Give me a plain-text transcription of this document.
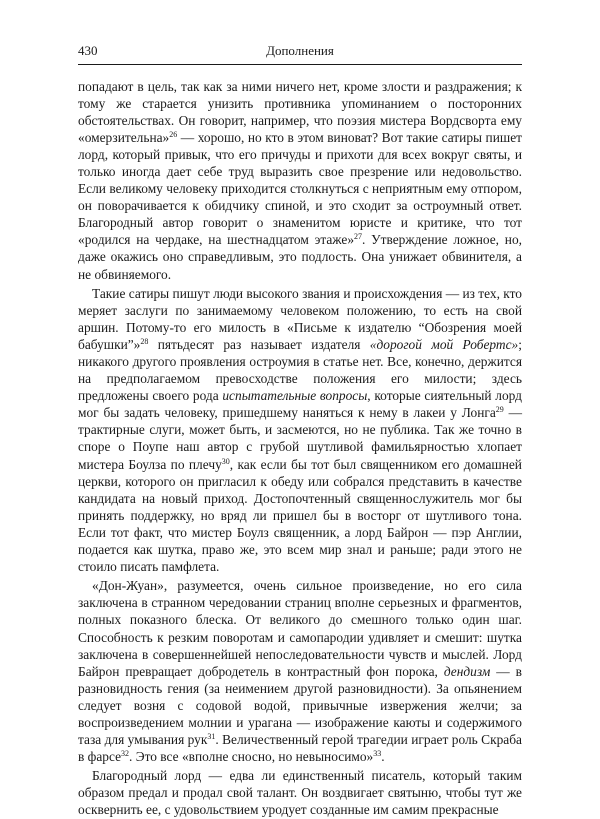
430	Дополнения

попадают в цель, так как за ними ничего нет, кроме злости и раздражения; к тому же старается унизить противника упоминанием о посторонних обстоятельствах. Он говорит, например, что поэзия мистера Вордсворта ему «омерзительна»$^{26}$ — хорошо, но кто в этом виноват? Вот такие сатиры пишет лорд, который привык, что его причуды и прихоти для всех вокруг святы, и только иногда дает себе труд выразить свое презрение или недовольство. Если великому человеку приходится столкнуться с неприятным ему отпором, он поворачивается к обидчику спиной, и это сходит за остроумный ответ. Благородный автор говорит о знаменитом юристе и критике, что тот «родился на чердаке, на шестнадцатом этаже»$^{27}$. Утверждение ложное, но, даже окажись оно справедливым, это подлость. Она унижает обвинителя, а не обвиняемого.

Такие сатиры пишут люди высокого звания и происхождения — из тех, кто меряет заслуги по занимаемому человеком положению, то есть на свой аршин. Потому-то его милость в «Письме к издателю “Обозрения моей бабушки”»$^{28}$ пятьдесят раз называет издателя «дорогой мой Робертс»; никакого другого проявления остроумия в статье нет. Все, конечно, держится на предполагаемом превосходстве положения его милости; здесь предложены своего рода испытательные вопросы, которые сиятельный лорд мог бы задать человеку, пришедшему наняться к нему в лакеи у Лонга$^{29}$ — трактирные слуги, может быть, и засмеются, но не публика. Так же точно в споре о Поупе наш автор с грубой шутливой фамильярностью хлопает мистера Боулза по плечу$^{30}$, как если бы тот был священником его домашней церкви, которого он пригласил к обеду или собрался представить в качестве кандидата на новый приход. Достопочтенный священнослужитель мог бы принять поддержку, но вряд ли пришел бы в восторг от шутливого тона. Если тот факт, что мистер Боулз священник, а лорд Байрон — пэр Англии, подается как шутка, право же, это всем мир знал и раньше; ради этого не стоило писать памфлета.

«Дон-Жуан», разумеется, очень сильное произведение, но его сила заключена в странном чередовании страниц вполне серьезных и фрагментов, полных показного блеска. От великого до смешного только один шаг. Способность к резким поворотам и самопародии удивляет и смешит: шутка заключена в совершеннейшей непоследовательности чувств и мыслей. Лорд Байрон превращает добродетель в контрастный фон порока, дендизм — в разновидность гения (за неимением другой разновидности). За опьянением следует возня с содовой водой, привычные извержения желчи; за воспроизведением молнии и урагана — изображение каюты и содержимого таза для умывания рук$^{31}$. Величественный герой трагедии играет роль Скраба в фарсе$^{32}$. Это все «вполне сносно, но невыносимо»$^{33}$.

Благородный лорд — едва ли единственный писатель, который таким образом предал и продал свой талант. Он воздвигает святыню, чтобы тут же осквернить ее, с удовольствием уродует созданные им самим прекрасные
